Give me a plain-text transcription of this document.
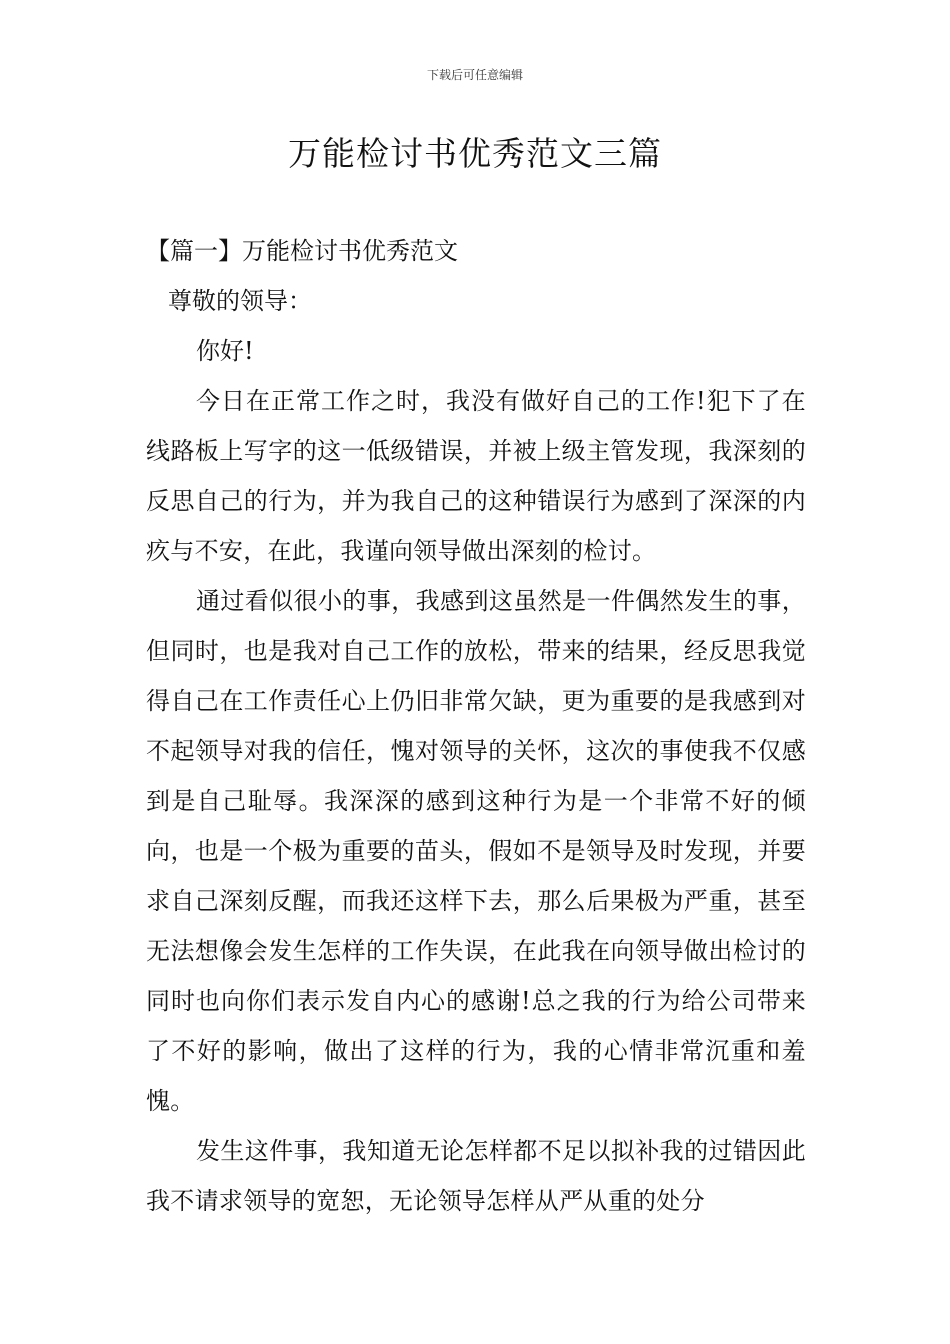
下载后可任意编辑
万能检讨书优秀范文三篇

【篇一】万能检讨书优秀范文

尊敬的领导：

你好!

今日在正常工作之时，我没有做好自己的工作!犯下了在线路板上写字的这一低级错误，并被上级主管发现，我深刻的反思自己的行为，并为我自己的这种错误行为感到了深深的内疚与不安，在此，我谨向领导做出深刻的检讨。

通过看似很小的事，我感到这虽然是一件偶然发生的事，但同时，也是我对自己工作的放松，带来的结果，经反思我觉得自己在工作责任心上仍旧非常欠缺，更为重要的是我感到对不起领导对我的信任，愧对领导的关怀，这次的事使我不仅感到是自己耻辱。我深深的感到这种行为是一个非常不好的倾向，也是一个极为重要的苗头，假如不是领导及时发现，并要求自己深刻反醒，而我还这样下去，那么后果极为严重，甚至无法想像会发生怎样的工作失误，在此我在向领导做出检讨的同时也向你们表示发自内心的感谢!总之我的行为给公司带来了不好的影响，做出了这样的行为，我的心情非常沉重和羞愧。

发生这件事，我知道无论怎样都不足以拟补我的过错因此我不请求领导的宽恕，无论领导怎样从严从重的处分
